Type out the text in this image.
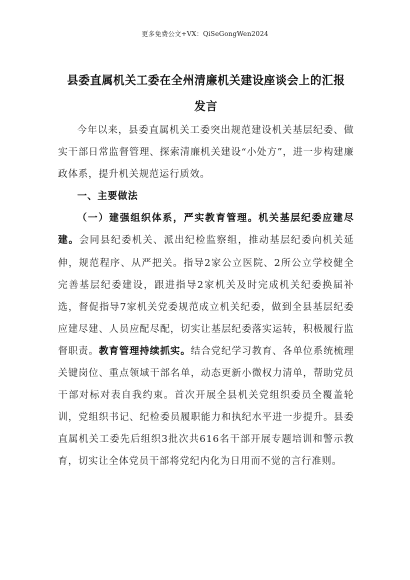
更多免费公文+VX：QiSeGongWen2024
县委直属机关工委在全州清廉机关建设座谈会上的汇报发言

今年以来，县委直属机关工委突出规范建设机关基层纪委、做实干部日常监督管理、探索清廉机关建设“小处方”，进一步构建廉政体系，提升机关规范运行质效。

一、主要做法

（一）建强组织体系，严实教育管理。机关基层纪委应建尽建。会同县纪委机关、派出纪检监察组，推动基层纪委向机关延伸，规范程序、从严把关。指导2家公立医院、2所公立学校健全完善基层纪委建设，跟进指导2家机关及时完成机关纪委换届补选，督促指导7家机关党委规范成立机关纪委，做到全县基层纪委应建尽建、人员应配尽配，切实让基层纪委落实运转，积极履行监督职责。教育管理持续抓实。结合党纪学习教育、各单位系统梳理关键岗位、重点领域干部名单，动态更新小微权力清单，帮助党员干部对标对表自我约束。首次开展全县机关党组织委员全覆盖轮训，党组织书记、纪检委员履职能力和执纪水平进一步提升。县委直属机关工委先后组织3批次共616名干部开展专题培训和警示教育，切实让全体党员干部将党纪内化为日用而不觉的言行准则。
